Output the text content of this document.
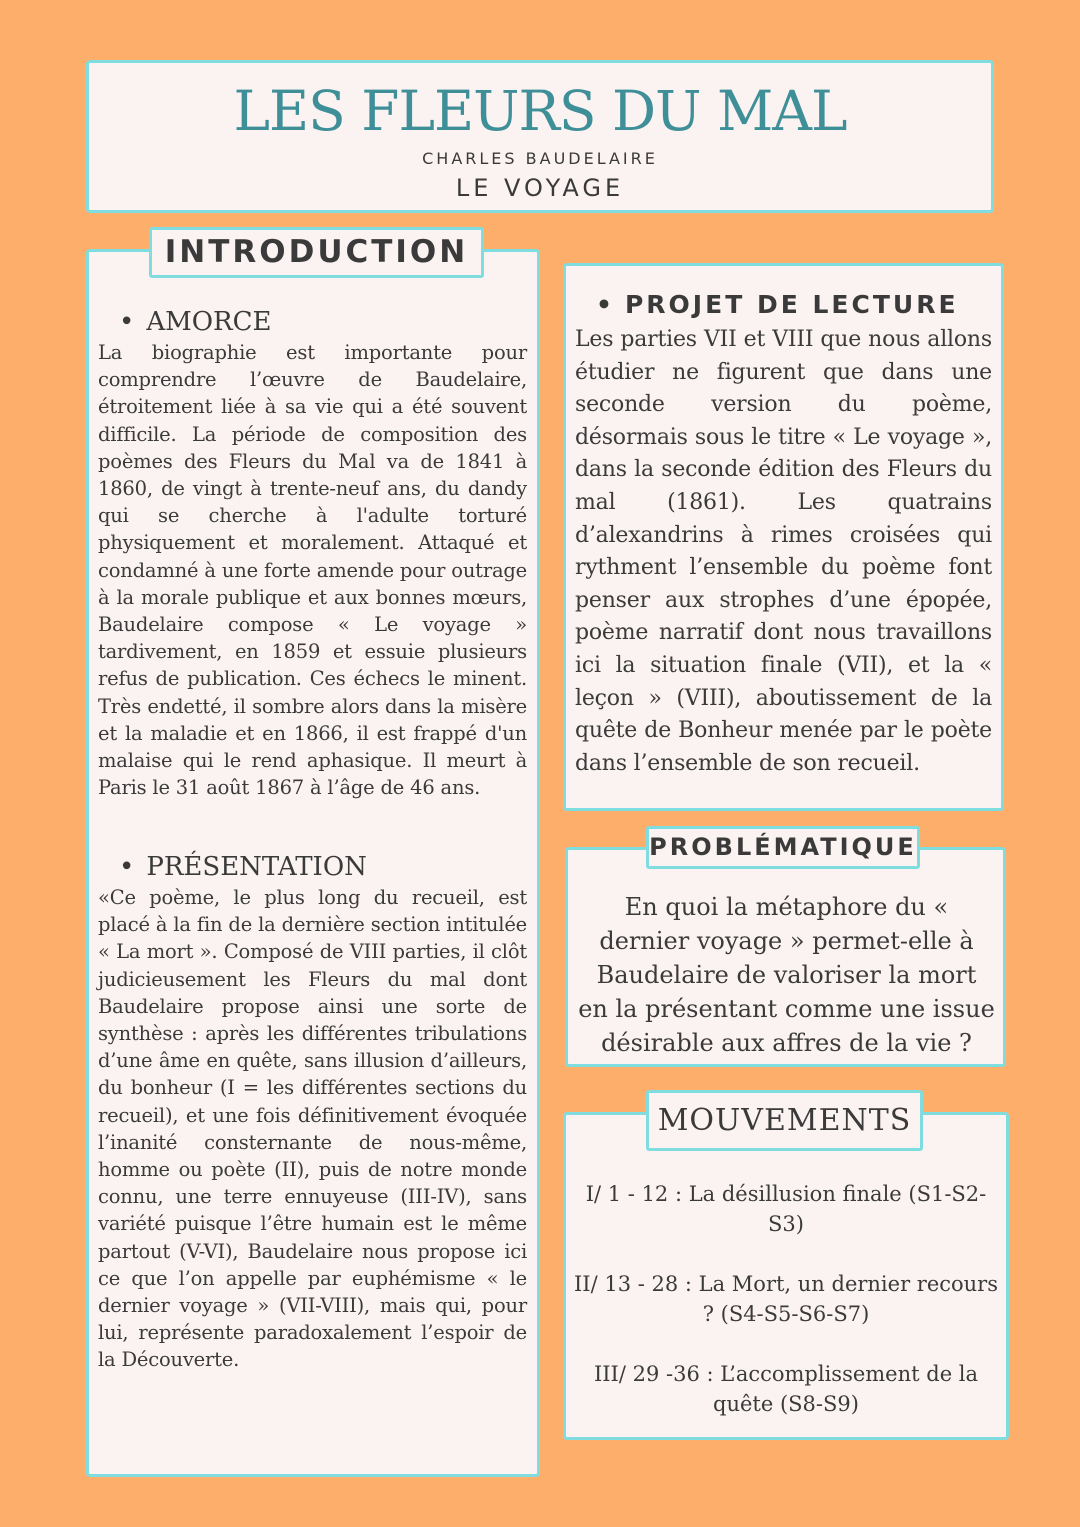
LES FLEURS DU MAL
CHARLES BAUDELAIRE
LE VOYAGE
• AMORCE
La biographie est importante pour comprendre l’œuvre de Baudelaire, étroitement liée à sa vie qui a été souvent difficile. La période de composition des poèmes des Fleurs du Mal va de 1841 à 1860, de vingt à trente-neuf ans, du dandy qui se cherche à l'adulte torturé physiquement et moralement. Attaqué et condamné à une forte amende pour outrage à la morale publique et aux bonnes mœurs, Baudelaire compose « Le voyage » tardivement, en 1859 et essuie plusieurs refus de publication. Ces échecs le minent. Très endetté, il sombre alors dans la misère et la maladie et en 1866, il est frappé d'un malaise qui le rend aphasique. Il meurt à Paris le 31 août 1867 à l’âge de 46 ans.
• PRÉSENTATION
«Ce poème, le plus long du recueil, est placé à la fin de la dernière section intitulée « La mort ». Composé de VIII parties, il clôt judicieusement les Fleurs du mal dont Baudelaire propose ainsi une sorte de synthèse : après les différentes tribulations d’une âme en quête, sans illusion d’ailleurs, du bonheur (I = les différentes sections du recueil), et une fois définitivement évoquée l’inanité consternante de nous-même, homme ou poète (II), puis de notre monde connu, une terre ennuyeuse (III-IV), sans variété puisque l’être humain est le même partout (V-VI), Baudelaire nous propose ici ce que l’on appelle par euphémisme « le dernier voyage » (VII-VIII), mais qui, pour lui, représente paradoxalement l’espoir de la Découverte.
INTRODUCTION
• PROJET DE LECTURE
Les parties VII et VIII que nous allons étudier ne figurent que dans une seconde version du poème, désormais sous le titre « Le voyage », dans la seconde édition des Fleurs du mal (1861). Les quatrains d’alexandrins à rimes croisées qui rythment l’ensemble du poème font penser aux strophes d’une épopée, poème narratif dont nous travaillons ici la situation finale (VII), et la « leçon » (VIII), aboutissement de la quête de Bonheur menée par le poète dans l’ensemble de son recueil.
En quoi la métaphore du « dernier voyage » permet-elle à Baudelaire de valoriser la mort en la présentant comme une issue désirable aux affres de la vie ?
PROBLÉMATIQUE
I/ 1 - 12 : La désillusion finale (S1-S2-S3)
II/ 13 - 28 : La Mort, un dernier recours ? (S4-S5-S6-S7)
III/ 29 -36 : L’accomplissement de la quête (S8-S9)
MOUVEMENTS
